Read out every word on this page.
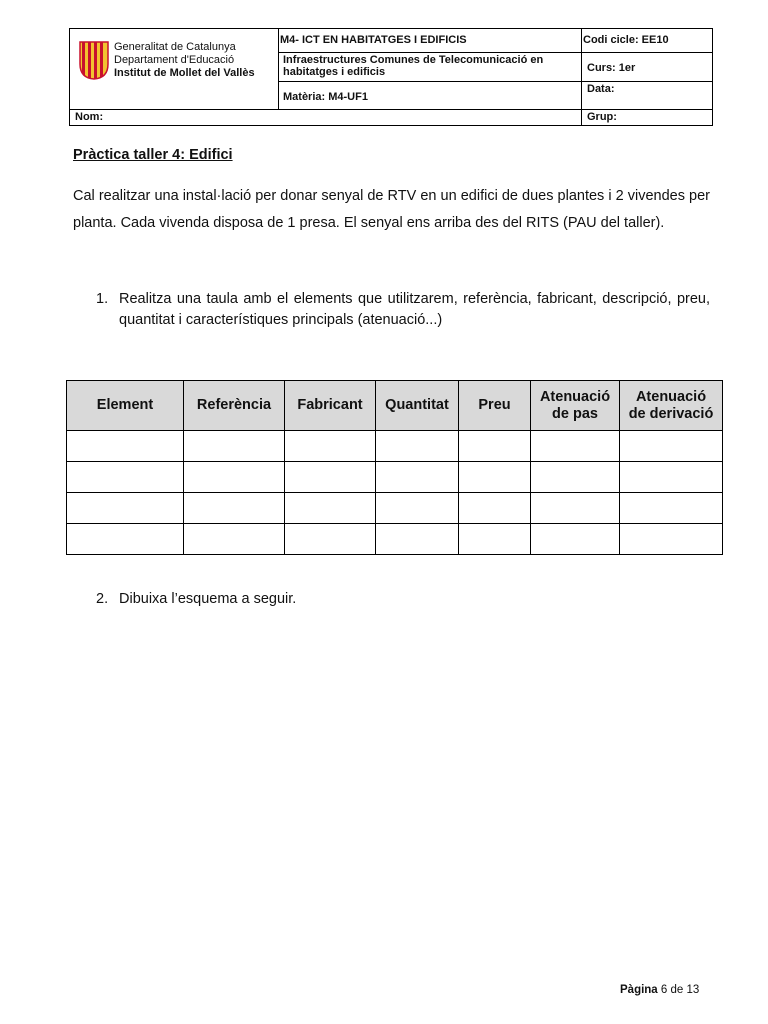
Generalitat de Catalunya
Departament d'Educació
Institut de Mollet del Vallès
M4- ICT EN HABITATGES I EDIFICIS	Codi cicle: EE10
Infraestructures Comunes de Telecomunicació en habitatges i edificis	Curs: 1er
Matèria: M4-UF1
Data:
Nom:	Grup:
Pràctica taller 4: Edifici
Cal realitzar una instal·lació per donar senyal de RTV en un edifici de dues plantes i 2 vivendes per planta. Cada vivenda disposa de 1 presa. El senyal ens arriba des del RITS (PAU del taller).
1. Realitza una taula amb el elements que utilitzarem, referència, fabricant, descripció, preu, quantitat i característiques principals (atenuació...)
Element	Referència	Fabricant	Quantitat	Preu	Atenuació de pas	Atenuació de derivació

2. Dibuixa l’esquema a seguir.
Pàgina 6 de 13
